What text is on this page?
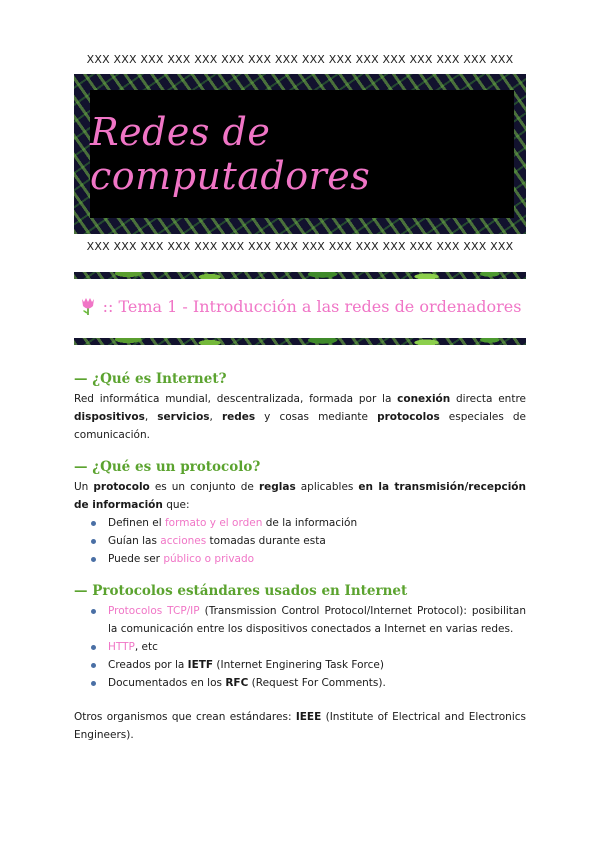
XXX XXX XXX XXX XXX XXX XXX XXX XXX XXX XXX XXX XXX XXX XXX XXX
Redes de computadores
XXX XXX XXX XXX XXX XXX XXX XXX XXX XXX XXX XXX XXX XXX XXX XXX
:: Tema 1 - Introducción a las redes de ordenadores
— ¿Qué es Internet?

Red informática mundial, descentralizada, formada por la conexión directa entre dispositivos, servicios, redes y cosas mediante protocolos especiales de comunicación.

— ¿Qué es un protocolo?

Un protocolo es un conjunto de reglas aplicables en la transmisión/recepción de información que:

Definen el formato y el orden de la información
Guían las acciones tomadas durante esta
Puede ser público o privado
— Protocolos estándares usados en Internet
Protocolos TCP/IP (Transmission Control Protocol/Internet Protocol): posibilitan la comunicación entre los dispositivos conectados a Internet en varias redes.
HTTP, etc
Creados por la IETF (Internet Enginering Task Force)
Documentados en los RFC (Request For Comments).

Otros organismos que crean estándares: IEEE (Institute of Electrical and Electronics Engineers).
